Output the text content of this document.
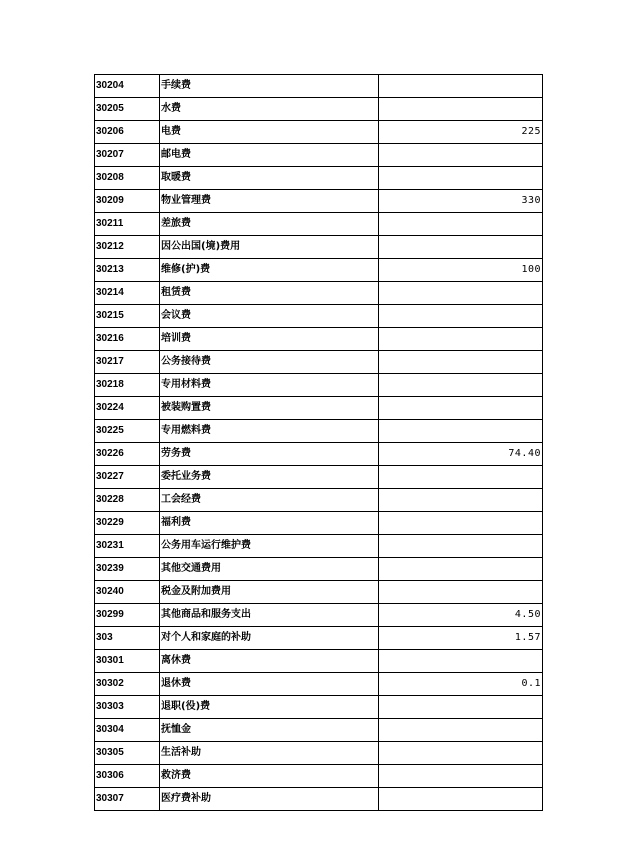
30204	手续费	
30205	水费	
30206	电费	225
30207	邮电费	
30208	取暖费	
30209	物业管理费	330
30211	差旅费	
30212	因公出国(境)费用	
30213	维修(护)费	100
30214	租赁费	
30215	会议费	
30216	培训费	
30217	公务接待费	
30218	专用材料费	
30224	被装购置费	
30225	专用燃料费	
30226	劳务费	74.40
30227	委托业务费	
30228	工会经费	
30229	福利费	
30231	公务用车运行维护费	
30239	其他交通费用	
30240	税金及附加费用	
30299	其他商品和服务支出	4.50
303	对个人和家庭的补助	1.57
30301	离休费	
30302	退休费	0.1
30303	退职(役)费	
30304	抚恤金	
30305	生活补助	
30306	救济费	
30307	医疗费补助	
